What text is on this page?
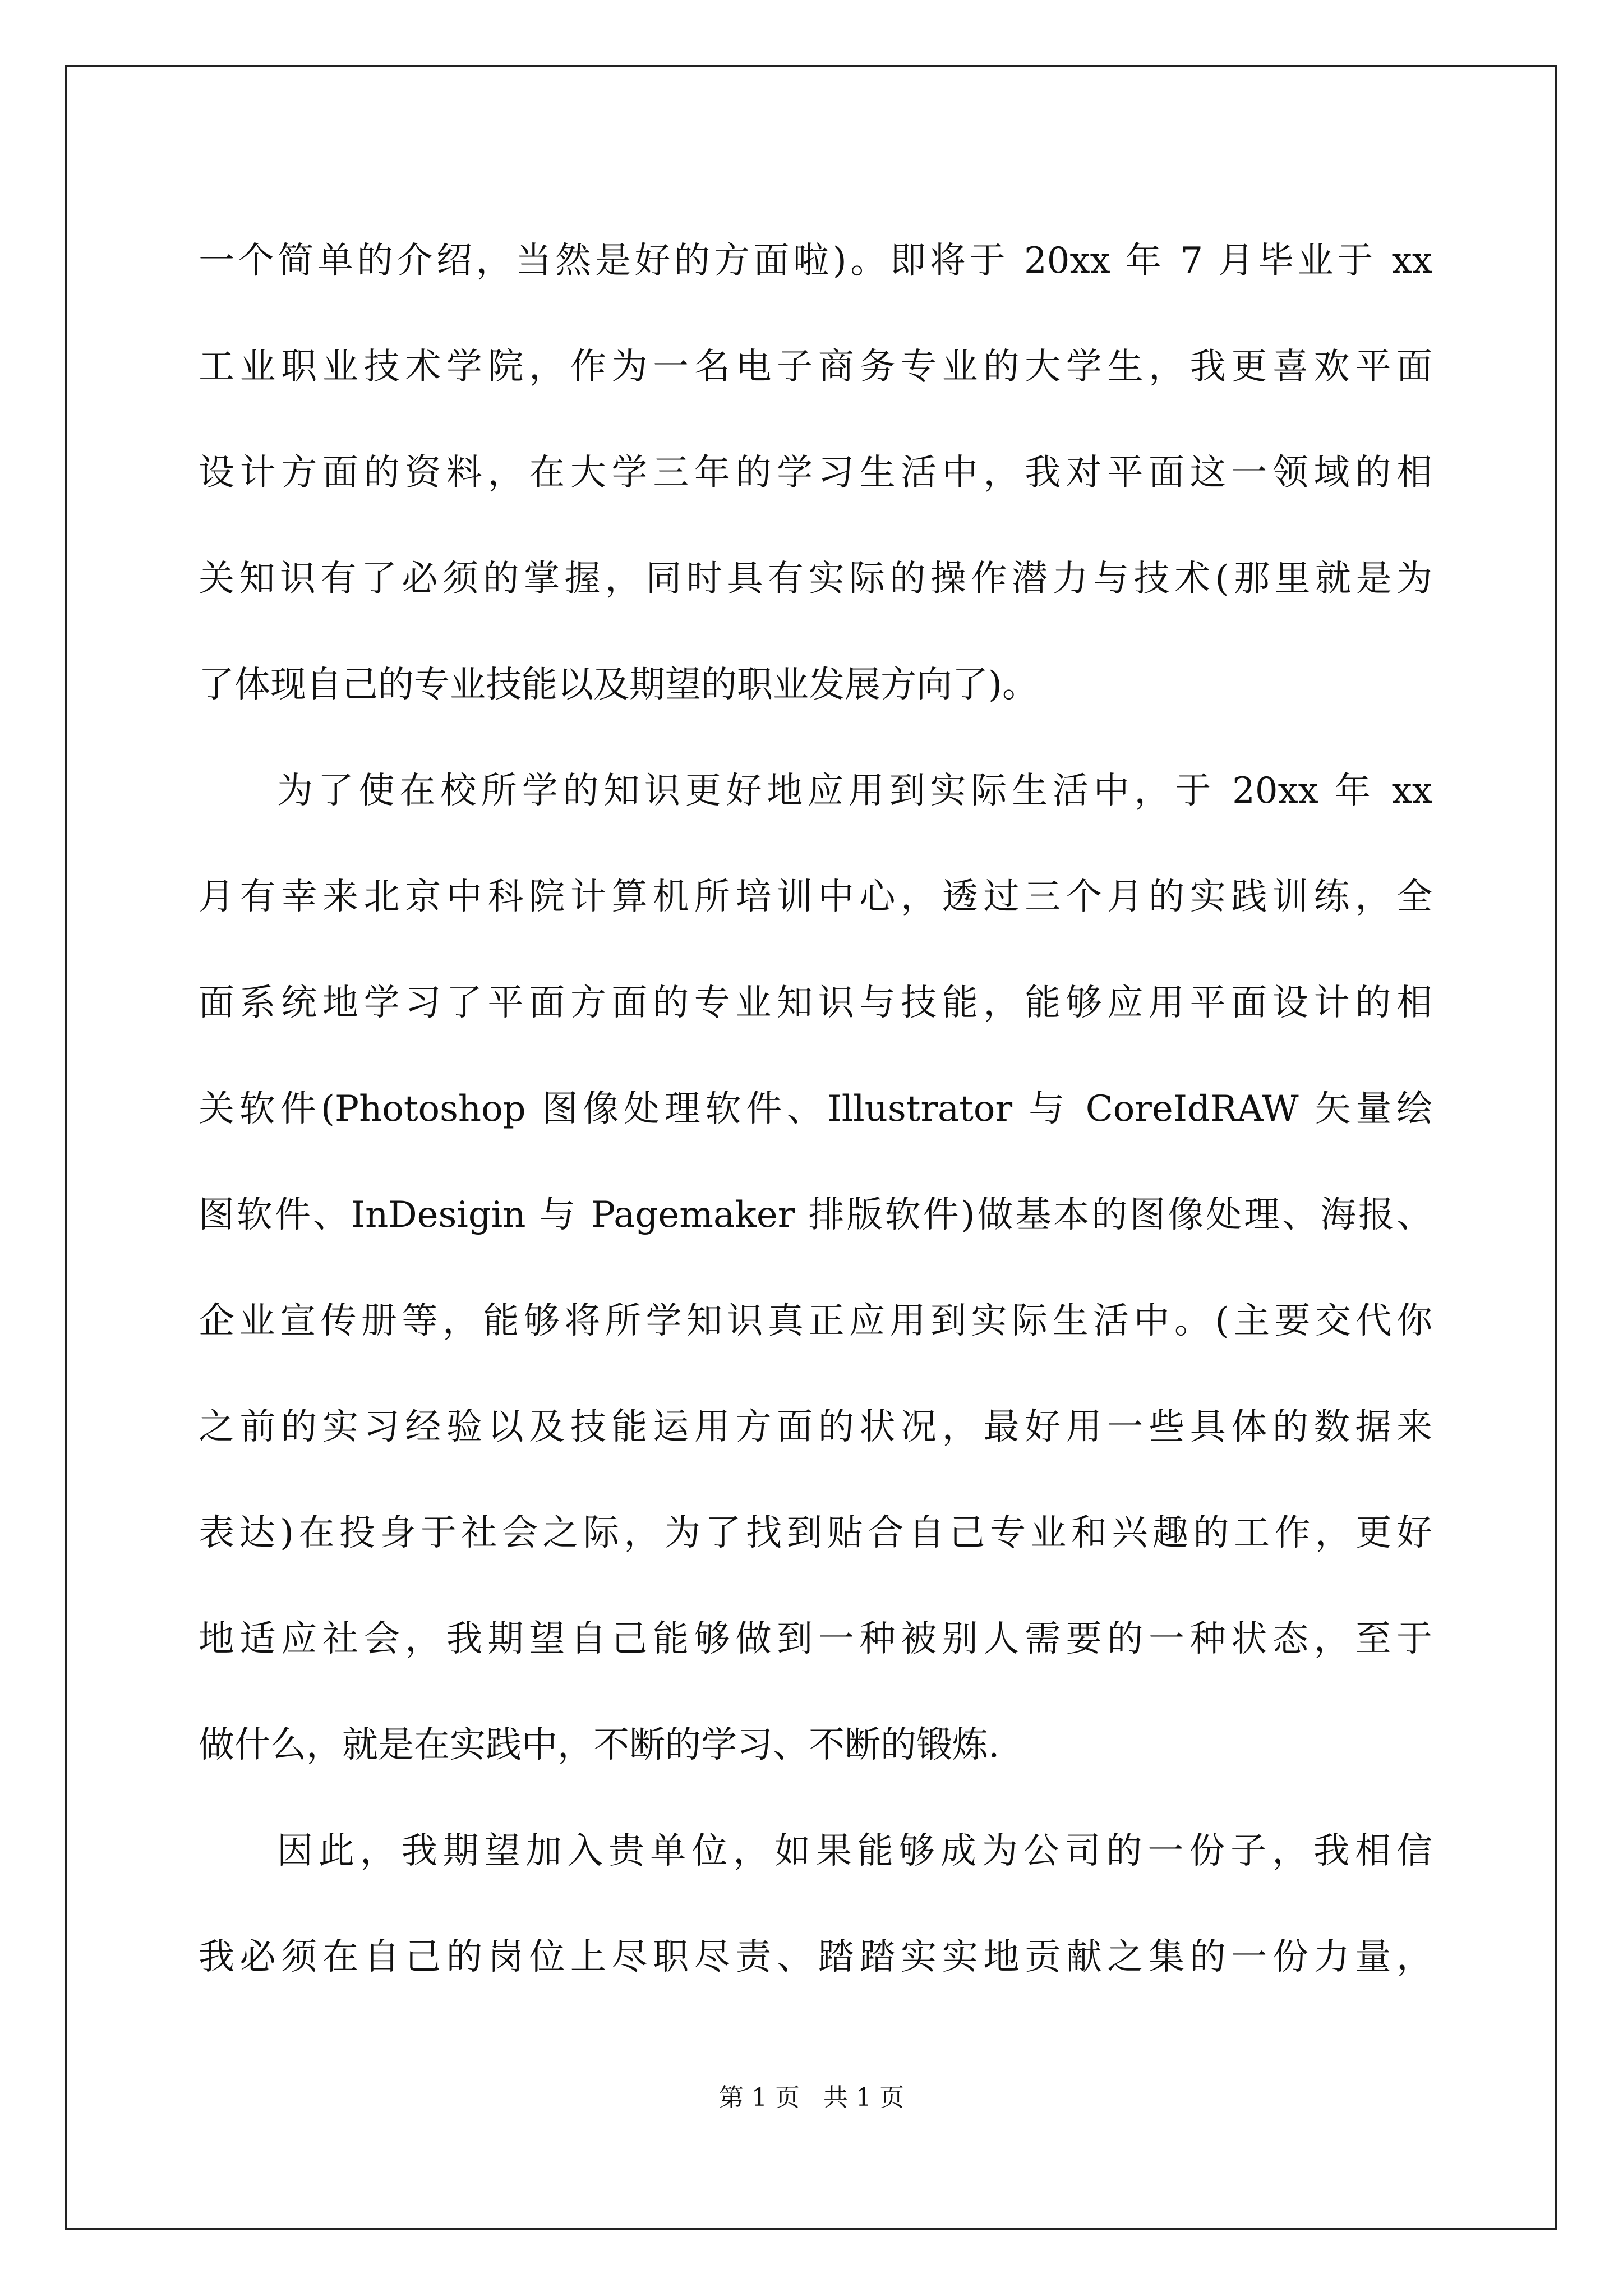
一个简单的介绍，当然是好的方面啦)。即将于 20xx 年 7 月毕业于 xx
工业职业技术学院，作为一名电子商务专业的大学生，我更喜欢平面
设计方面的资料，在大学三年的学习生活中，我对平面这一领域的相
关知识有了必须的掌握，同时具有实际的操作潜力与技术(那里就是为
了体现自己的专业技能以及期望的职业发展方向了)。
为了使在校所学的知识更好地应用到实际生活中，于 20xx 年 xx
月有幸来北京中科院计算机所培训中心，透过三个月的实践训练，全
面系统地学习了平面方面的专业知识与技能，能够应用平面设计的相
关软件(Photoshop 图像处理软件、Illustrator 与 CoreIdRAW 矢量绘
图软件、InDesigin 与 Pagemaker 排版软件)做基本的图像处理、海报、
企业宣传册等，能够将所学知识真正应用到实际生活中。(主要交代你
之前的实习经验以及技能运用方面的状况，最好用一些具体的数据来
表达)在投身于社会之际，为了找到贴合自己专业和兴趣的工作，更好
地适应社会，我期望自己能够做到一种被别人需要的一种状态，至于
做什么，就是在实践中，不断的学习、不断的锻炼.
因此，我期望加入贵单位，如果能够成为公司的一份子，我相信
我必须在自己的岗位上尽职尽责、踏踏实实地贡献之集的一份力量，
第 1 页 共 1 页
